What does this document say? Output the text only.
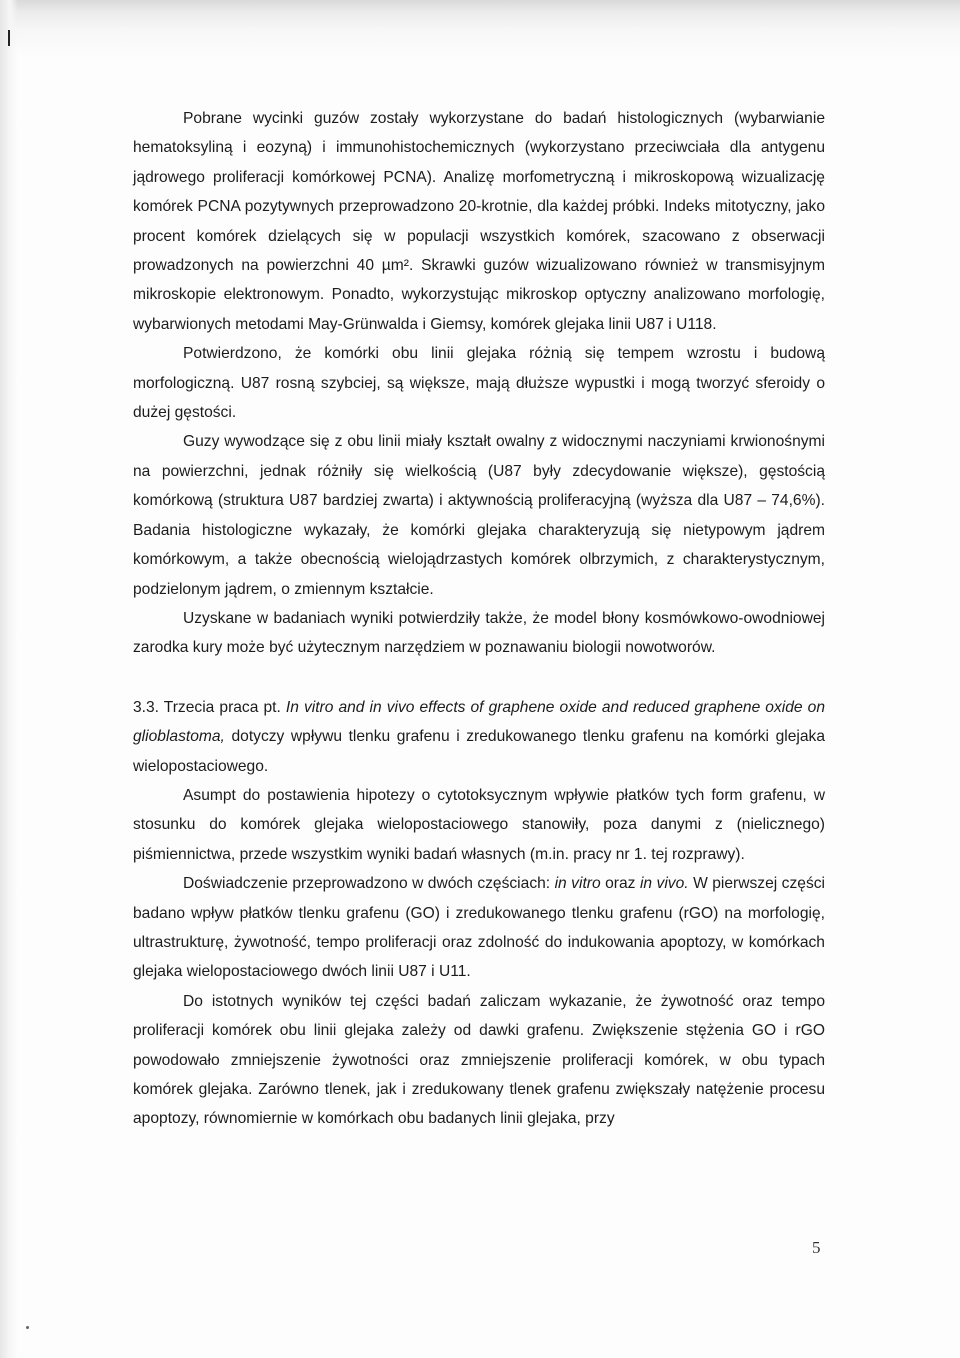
Pobrane wycinki guzów zostały wykorzystane do badań histologicznych (wybarwianie hematoksyliną i eozyną) i immunohistochemicznych (wykorzystano przeciwciała dla antygenu jądrowego proliferacji komórkowej PCNA). Analizę morfometryczną i mikroskopową wizualizację komórek PCNA pozytywnych przeprowadzono 20-krotnie, dla każdej próbki. Indeks mitotyczny, jako procent komórek dzielących się w populacji wszystkich komórek, szacowano z obserwacji prowadzonych na powierzchni 40 µm². Skrawki guzów wizualizowano również w transmisyjnym mikroskopie elektronowym. Ponadto, wykorzystując mikroskop optyczny analizowano morfologię, wybarwionych metodami May-Grünwalda i Giemsy, komórek glejaka linii U87 i U118.

Potwierdzono, że komórki obu linii glejaka różnią się tempem wzrostu i budową morfologiczną. U87 rosną szybciej, są większe, mają dłuższe wypustki i mogą tworzyć sferoidy o dużej gęstości.

Guzy wywodzące się z obu linii miały kształt owalny z widocznymi naczyniami krwionośnymi na powierzchni, jednak różniły się wielkością (U87 były zdecydowanie większe), gęstością komórkową (struktura U87 bardziej zwarta) i aktywnością proliferacyjną (wyższa dla U87 – 74,6%). Badania histologiczne wykazały, że komórki glejaka charakteryzują się nietypowym jądrem komórkowym, a także obecnością wielojądrzastych komórek olbrzymich, z charakterystycznym, podzielonym jądrem, o zmiennym kształcie.

Uzyskane w badaniach wyniki potwierdziły także, że model błony kosmówkowo-owodniowej zarodka kury może być użytecznym narzędziem w poznawaniu biologii nowotworów.

3.3. Trzecia praca pt. In vitro and in vivo effects of graphene oxide and reduced graphene oxide on glioblastoma, dotyczy wpływu tlenku grafenu i zredukowanego tlenku grafenu na komórki glejaka wielopostaciowego.

Asumpt do postawienia hipotezy o cytotoksycznym wpływie płatków tych form grafenu, w stosunku do komórek glejaka wielopostaciowego stanowiły, poza danymi z (nielicznego) piśmiennictwa, przede wszystkim wyniki badań własnych (m.in. pracy nr 1. tej rozprawy).

Doświadczenie przeprowadzono w dwóch częściach: in vitro oraz in vivo. W pierwszej części badano wpływ płatków tlenku grafenu (GO) i zredukowanego tlenku grafenu (rGO) na morfologię, ultrastrukturę, żywotność, tempo proliferacji oraz zdolność do indukowania apoptozy, w komórkach glejaka wielopostaciowego dwóch linii U87 i U11.

Do istotnych wyników tej części badań zaliczam wykazanie, że żywotność oraz tempo proliferacji komórek obu linii glejaka zależy od dawki grafenu. Zwiększenie stężenia GO i rGO powodowało zmniejszenie żywotności oraz zmniejszenie proliferacji komórek, w obu typach komórek glejaka. Zarówno tlenek, jak i zredukowany tlenek grafenu zwiększały natężenie procesu apoptozy, równomiernie w komórkach obu badanych linii glejaka, przy

5
